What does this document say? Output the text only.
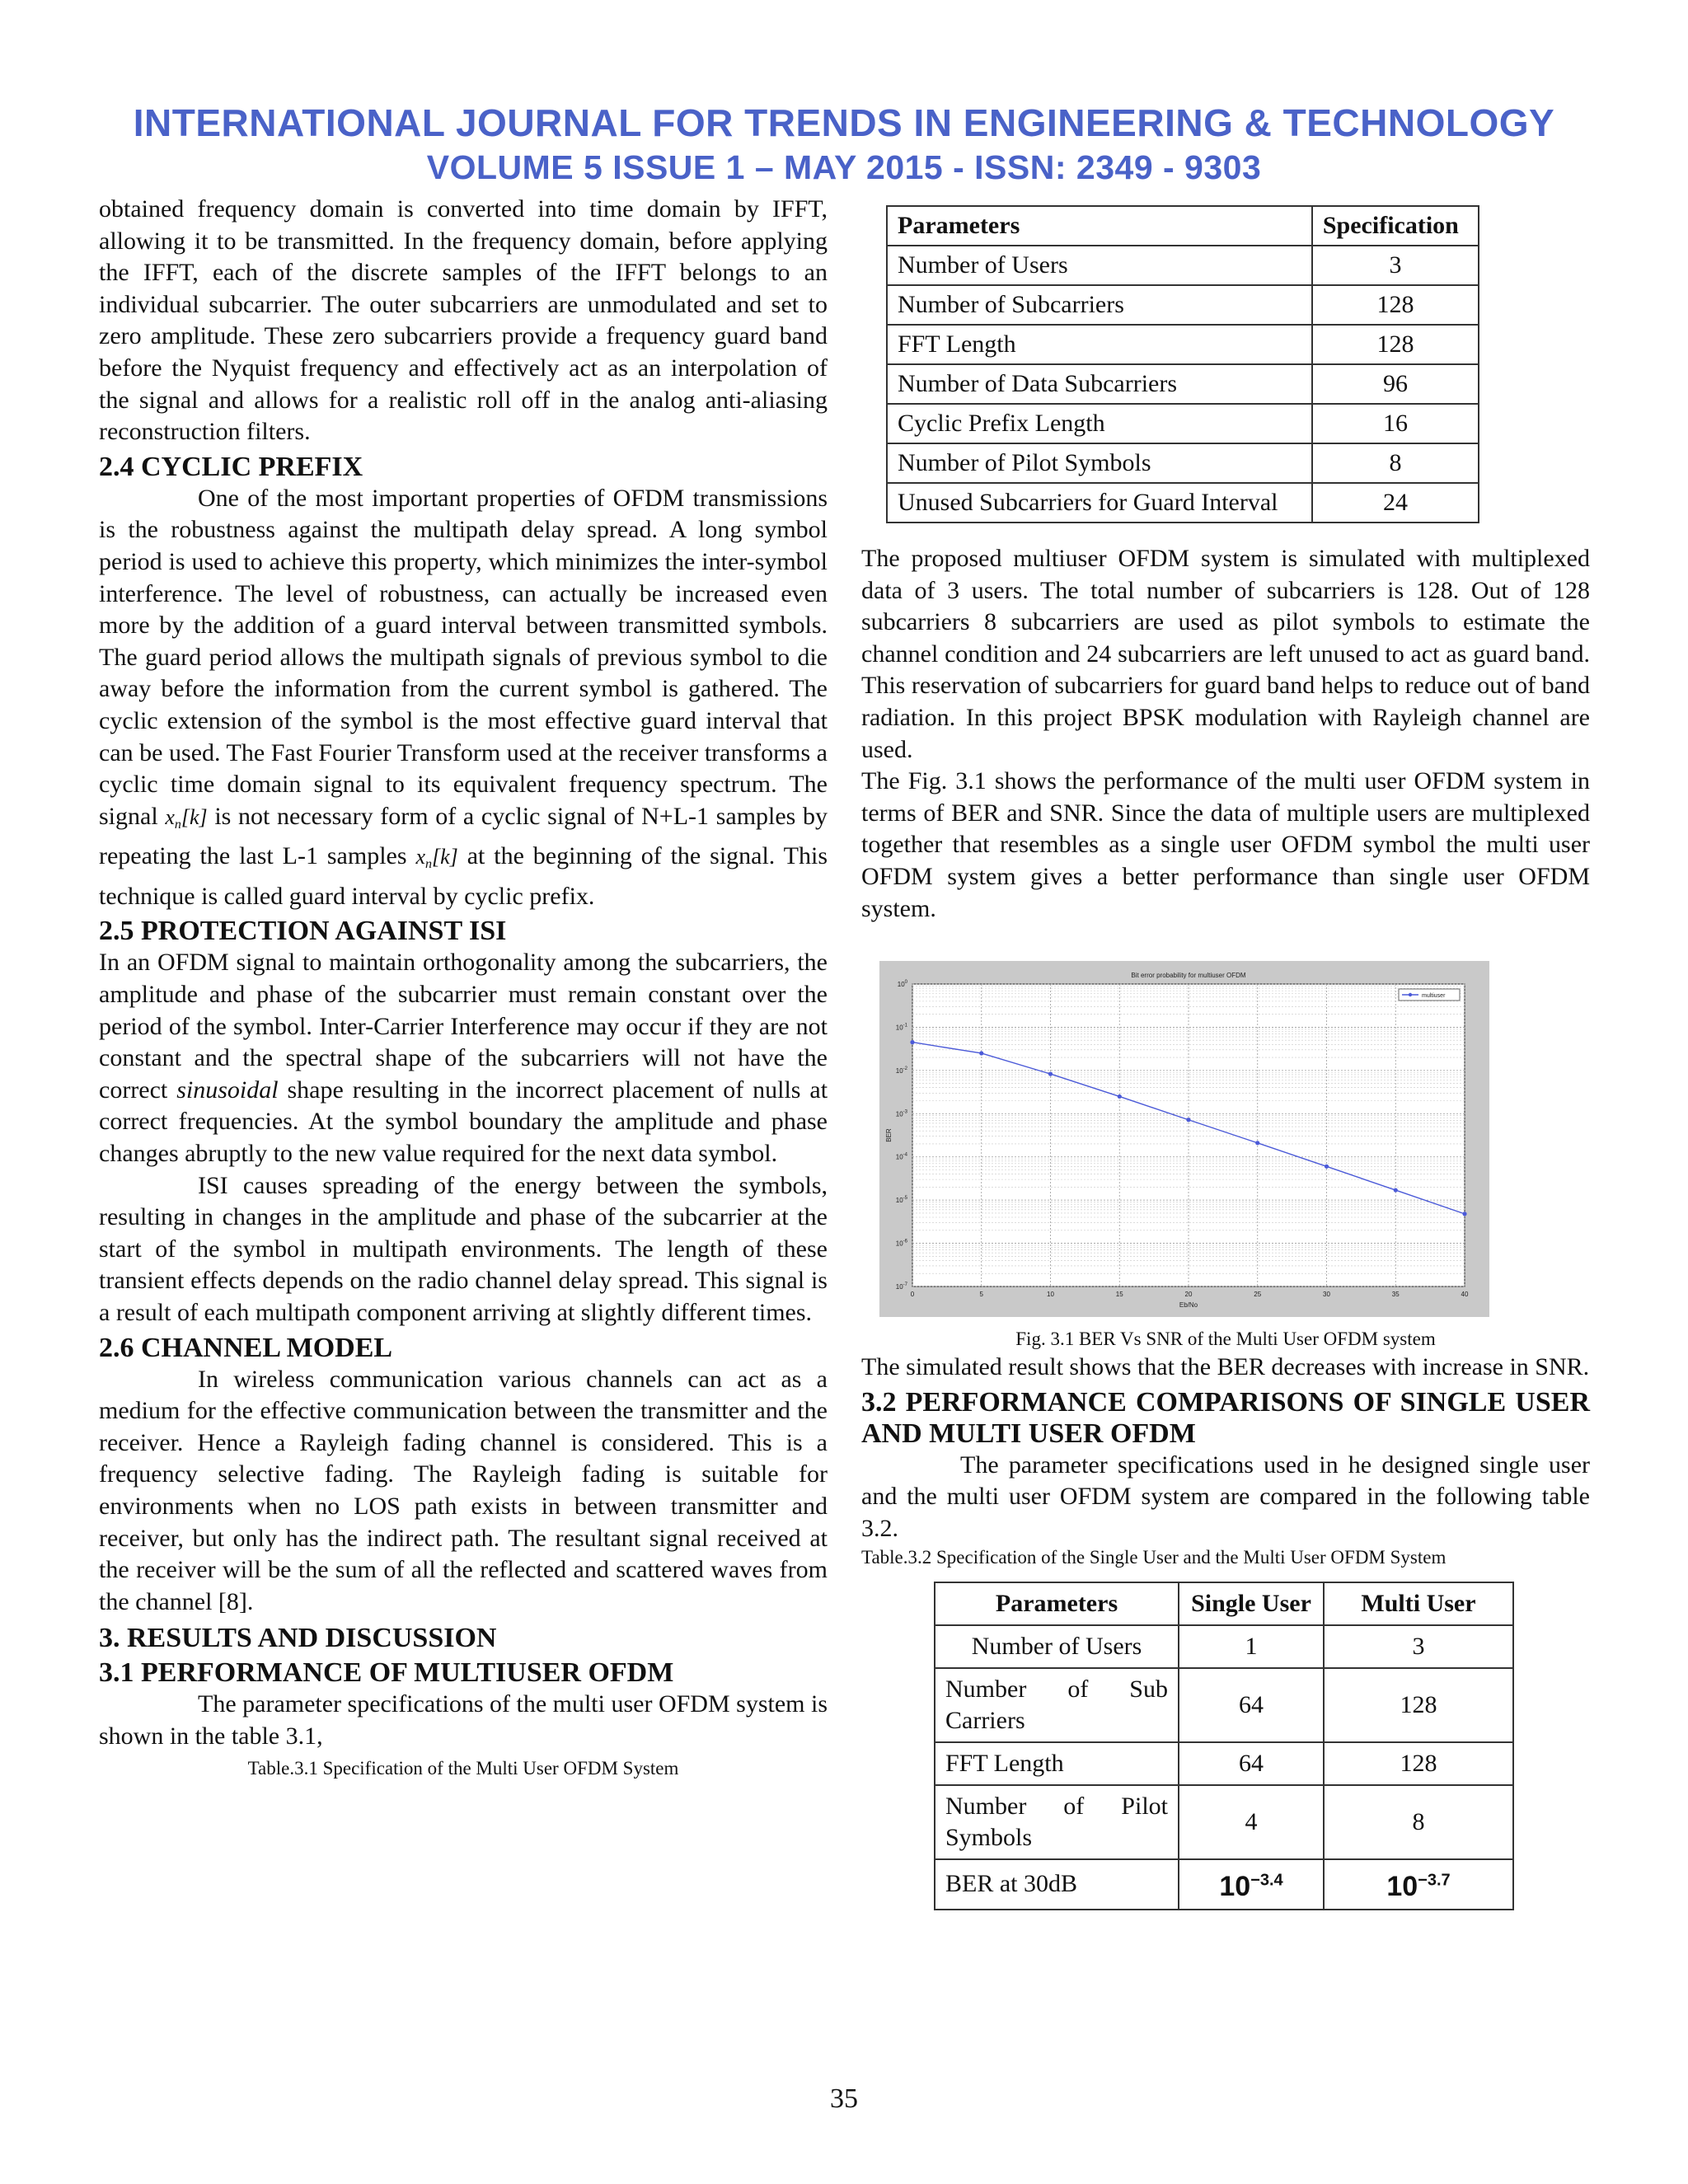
INTERNATIONAL JOURNAL FOR TRENDS IN ENGINEERING & TECHNOLOGY
VOLUME 5 ISSUE 1 – MAY 2015 - ISSN: 2349 - 9303

obtained frequency domain is converted into time domain by IFFT, allowing it to be transmitted. In the frequency domain, before applying the IFFT, each of the discrete samples of the IFFT belongs to an individual subcarrier. The outer subcarriers are unmodulated and set to zero amplitude. These zero subcarriers provide a frequency guard band before the Nyquist frequency and effectively act as an interpolation of the signal and allows for a realistic roll off in the analog anti-aliasing reconstruction filters.

2.4 CYCLIC PREFIX

One of the most important properties of OFDM transmissions is the robustness against the multipath delay spread. A long symbol period is used to achieve this property, which minimizes the inter-symbol interference. The level of robustness, can actually be increased even more by the addition of a guard interval between transmitted symbols. The guard period allows the multipath signals of previous symbol to die away before the information from the current symbol is gathered. The cyclic extension of the symbol is the most effective guard interval that can be used. The Fast Fourier Transform used at the receiver transforms a cyclic time domain signal to its equivalent frequency spectrum. The signal $x_n[k]$ is not necessary form of a cyclic signal of N+L-1 samples by repeating the last L-1 samples $x_n[k]$ at the beginning of the signal. This technique is called guard interval by cyclic prefix.

2.5 PROTECTION AGAINST ISI

In an OFDM signal to maintain orthogonality among the subcarriers, the amplitude and phase of the subcarrier must remain constant over the period of the symbol. Inter-Carrier Interference may occur if they are not constant and the spectral shape of the subcarriers will not have the correct sinusoidal shape resulting in the incorrect placement of nulls at correct frequencies. At the symbol boundary the amplitude and phase changes abruptly to the new value required for the next data symbol.

ISI causes spreading of the energy between the symbols, resulting in changes in the amplitude and phase of the subcarrier at the start of the symbol in multipath environments. The length of these transient effects depends on the radio channel delay spread. This signal is a result of each multipath component arriving at slightly different times.

2.6 CHANNEL MODEL

In wireless communication various channels can act as a medium for the effective communication between the transmitter and the receiver. Hence a Rayleigh fading channel is considered. This is a frequency selective fading. The Rayleigh fading is suitable for environments when no LOS path exists in between transmitter and receiver, but only has the indirect path. The resultant signal received at the receiver will be the sum of all the reflected and scattered waves from the channel [8].

3. RESULTS AND DISCUSSION
3.1 PERFORMANCE OF MULTIUSER OFDM

The parameter specifications of the multi user OFDM system is shown in the table 3.1,

Table.3.1 Specification of the Multi User OFDM System
Parameters	Specification
Number of Users	3
Number of Subcarriers	128
FFT Length	128
Number of Data Subcarriers	96
Cyclic Prefix Length	16
Number of Pilot Symbols	8
Unused Subcarriers for Guard Interval	24

The proposed multiuser OFDM system is simulated with multiplexed data of 3 users. The total number of subcarriers is 128. Out of 128 subcarriers 8 subcarriers are used as pilot symbols to estimate the channel condition and 24 subcarriers are left unused to act as guard band. This reservation of subcarriers for guard band helps to reduce out of band radiation. In this project BPSK modulation with Rayleigh channel are used.

The Fig. 3.1 shows the performance of the multi user OFDM system in terms of BER and SNR. Since the data of multiple users are multiplexed together that resembles as a single user OFDM symbol the multi user OFDM system gives a better performance than single user OFDM system.

$10^0$
$10^{-1}$
$10^{-2}$
$10^{-3}$
$10^{-4}$
$10^{-5}$
$10^{-6}$
$10^{-7}$
0	5	10	15	20	25	30	35	40
Bit error probability for multiuser OFDM
Eb/No
BER
multiuser
Fig. 3.1 BER Vs SNR of the Multi User OFDM system

The simulated result shows that the BER decreases with increase in SNR.

3.2 PERFORMANCE COMPARISONS OF SINGLE USER AND MULTI USER OFDM

The parameter specifications used in he designed single user and the multi user OFDM system are compared in the following table 3.2.

Table.3.2 Specification of the Single User and the Multi User OFDM System
Parameters	Single User	Multi User
Number of Users	1	3
Number of Sub Carriers	64	128
FFT Length	64	128
Number of Pilot Symbols	4	8
BER at 30dB	$10^{-3.4}$	$10^{-3.7}$
35
